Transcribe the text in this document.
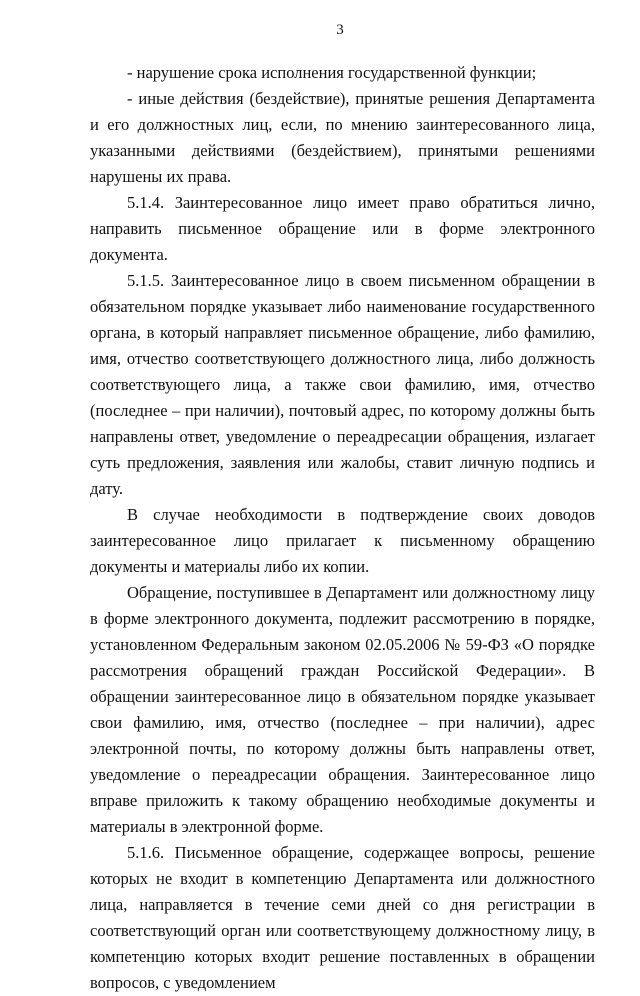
3

- нарушение срока исполнения государственной функции;

- иные действия (бездействие), принятые решения Департамента и его должностных лиц, если, по мнению заинтересованного лица, указанными действиями (бездействием), принятыми решениями нарушены их права.

5.1.4. Заинтересованное лицо имеет право обратиться лично, направить письменное обращение или в форме электронного документа.

5.1.5. Заинтересованное лицо в своем письменном обращении в обязательном порядке указывает либо наименование государственного органа, в который направляет письменное обращение, либо фамилию, имя, отчество соответствующего должностного лица, либо должность соответствующего лица, а также свои фамилию, имя, отчество (последнее – при наличии), почтовый адрес, по которому должны быть направлены ответ, уведомление о переадресации обращения, излагает суть предложения, заявления или жалобы, ставит личную подпись и дату.

В случае необходимости в подтверждение своих доводов заинтересованное лицо прилагает к письменному обращению документы и материалы либо их копии.

Обращение, поступившее в Департамент или должностному лицу в форме электронного документа, подлежит рассмотрению в порядке, установленном Федеральным законом 02.05.2006 № 59-ФЗ «О порядке рассмотрения обращений граждан Российской Федерации». В обращении заинтересованное лицо в обязательном порядке указывает свои фамилию, имя, отчество (последнее – при наличии), адрес электронной почты, по которому должны быть направлены ответ, уведомление о переадресации обращения. Заинтересованное лицо вправе приложить к такому обращению необходимые документы и материалы в электронной форме.

5.1.6. Письменное обращение, содержащее вопросы, решение которых не входит в компетенцию Департамента или должностного лица, направляется в течение семи дней со дня регистрации в соответствующий орган или соответствующему должностному лицу, в компетенцию которых входит решение поставленных в обращении вопросов, с уведомлением
